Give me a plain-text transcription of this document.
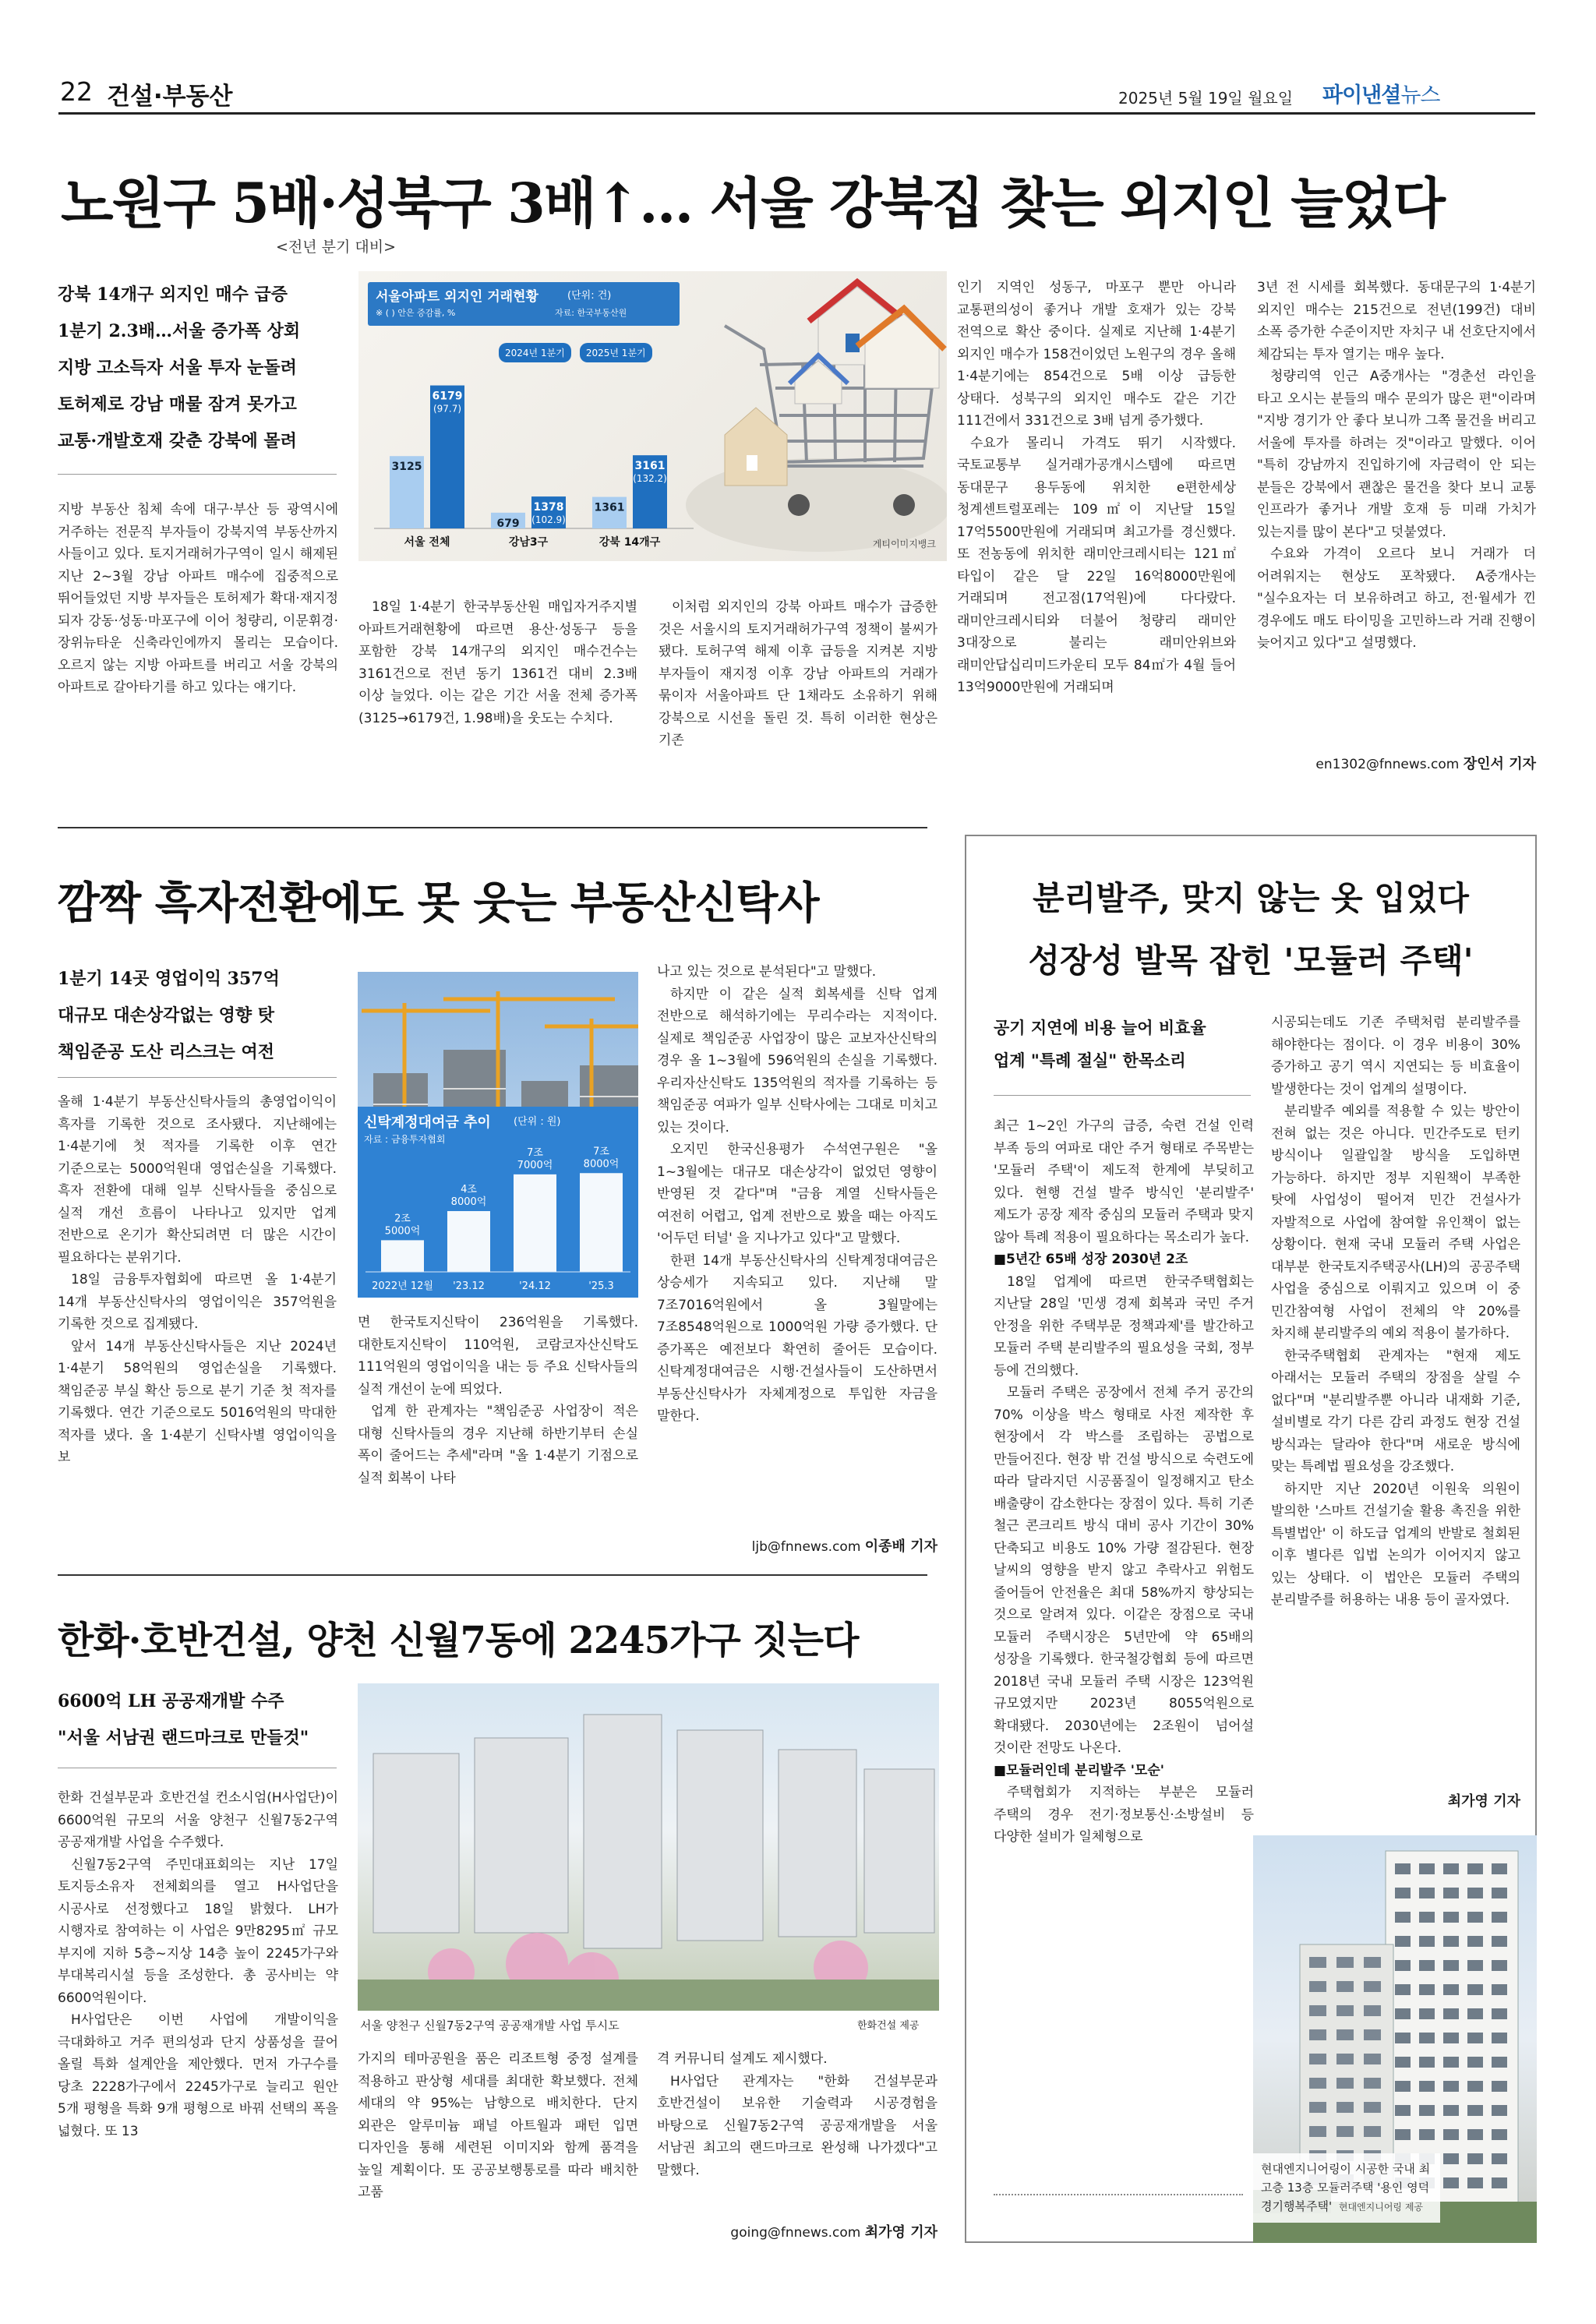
22 건설·부동산	2025년 5월 19일 월요일 파이낸셜뉴스
노원구 5배·성북구 3배↑… 서울 강북집 찾는 외지인 늘었다
<전년 분기 대비>
강북 14개구 외지인 매수 급증
1분기 2.3배…서울 증가폭 상회
지방 고소득자 서울 투자 눈돌려
토허제로 강남 매물 잠겨 못가고
교통·개발호재 갖춘 강북에 몰려

지방 부동산 침체 속에 대구·부산 등 광역시에 거주하는 전문직 부자들이 강북지역 부동산까지 사들이고 있다. 토지거래허가구역이 일시 해제된 지난 2~3월 강남 아파트 매수에 집중적으로 뛰어들었던 지방 부자들은 토허제가 확대·재지정 되자 강동·성동·마포구에 이어 청량리, 이문휘경·장위뉴타운 신축라인에까지 몰리는 모습이다. 오르지 않는 지방 아파트를 버리고 서울 강북의 아파트로 갈아타기를 하고 있다는 얘기다.

게티이미지뱅크
서울아파트 외지인 거래현황	(단위: 건)
※ ( ) 안은 증감률, %	자료: 한국부동산원
2024년 1분기 2025년 1분기
3125
6179
(97.7)
서울 전체
679
1378
(102.9)
강남3구
1361
3161
(132.2)
강북 14개구

18일 1·4분기 한국부동산원 매입자거주지별 아파트거래현황에 따르면 용산·성동구 등을 포함한 강북 14개구의 외지인 매수건수는 3161건으로 전년 동기 1361건 대비 2.3배 이상 늘었다. 이는 같은 기간 서울 전체 증가폭(3125→6179건, 1.98배)을 웃도는 수치다.

이처럼 외지인의 강북 아파트 매수가 급증한 것은 서울시의 토지거래허가구역 정책이 불씨가 됐다. 토허구역 해제 이후 급등을 지켜본 지방 부자들이 재지정 이후 강남 아파트의 거래가 묶이자 서울아파트 단 1채라도 소유하기 위해 강북으로 시선을 돌린 것. 특히 이러한 현상은 기존

인기 지역인 성동구, 마포구 뿐만 아니라 교통편의성이 좋거나 개발 호재가 있는 강북 전역으로 확산 중이다. 실제로 지난해 1·4분기 외지인 매수가 158건이었던 노원구의 경우 올해 1·4분기에는 854건으로 5배 이상 급등한 상태다. 성북구의 외지인 매수도 같은 기간 111건에서 331건으로 3배 넘게 증가했다.

수요가 몰리니 가격도 뛰기 시작했다. 국토교통부 실거래가공개시스템에 따르면 동대문구 용두동에 위치한 e편한세상 청계센트럴포레는 109㎡이 지난달 15일 17억5500만원에 거래되며 최고가를 경신했다. 또 전농동에 위치한 래미안크레시티는 121㎡타입이 같은 달 22일 16억8000만원에 거래되며 전고점(17억원)에 다다랐다. 래미안크레시티와 더불어 청량리 래미안 3대장으로 불리는 래미안위브와 래미안답십리미드카운티 모두 84㎡가 4월 들어 13억9000만원에 거래되며

3년 전 시세를 회복했다. 동대문구의 1·4분기 외지인 매수는 215건으로 전년(199건) 대비 소폭 증가한 수준이지만 자치구 내 선호단지에서 체감되는 투자 열기는 매우 높다.

청량리역 인근 A중개사는 "경춘선 라인을 타고 오시는 분들의 매수 문의가 많은 편"이라며 "지방 경기가 안 좋다 보니까 그쪽 물건을 버리고 서울에 투자를 하려는 것"이라고 말했다. 이어 "특히 강남까지 진입하기에 자금력이 안 되는 분들은 강북에서 괜찮은 물건을 찾다 보니 교통 인프라가 좋거나 개발 호재 등 미래 가치가 있는지를 많이 본다"고 덧붙였다.

수요와 가격이 오르다 보니 거래가 더 어려워지는 현상도 포착됐다. A중개사는 "실수요자는 더 보유하려고 하고, 전·월세가 낀 경우에도 매도 타이밍을 고민하느라 거래 진행이 늦어지고 있다"고 설명했다.

en1302@fnnews.com 장인서 기자
깜짝 흑자전환에도 못 웃는 부동산신탁사
1분기 14곳 영업이익 357억
대규모 대손상각없는 영향 탓
책임준공 도산 리스크는 여전

올해 1·4분기 부동산신탁사들의 총영업이익이 흑자를 기록한 것으로 조사됐다. 지난해에는 1·4분기에 첫 적자를 기록한 이후 연간 기준으로는 5000억원대 영업손실을 기록했다. 흑자 전환에 대해 일부 신탁사들을 중심으로 실적 개선 흐름이 나타나고 있지만 업계 전반으로 온기가 확산되려면 더 많은 시간이 필요하다는 분위기다.

18일 금융투자협회에 따르면 올 1·4분기 14개 부동산신탁사의 영업이익은 357억원을 기록한 것으로 집계됐다.

앞서 14개 부동산신탁사들은 지난 2024년 1·4분기 58억원의 영업손실을 기록했다. 책임준공 부실 확산 등으로 분기 기준 첫 적자를 기록했다. 연간 기준으로도 5016억원의 막대한 적자를 냈다. 올 1·4분기 신탁사별 영업이익을 보

신탁계정대여금 추이 (단위 : 원)
자료 : 금융투자협회
2조
5000억
2022년 12월
4조
8000억
'23.12
7조
7000억
'24.12
7조
8000억
'25.3

면 한국토지신탁이 236억원을 기록했다. 대한토지신탁이 110억원, 코람코자산신탁도 111억원의 영업이익을 내는 등 주요 신탁사들의 실적 개선이 눈에 띄었다.

업계 한 관계자는 "책임준공 사업장이 적은 대형 신탁사들의 경우 지난해 하반기부터 손실 폭이 줄어드는 추세"라며 "올 1·4분기 기점으로 실적 회복이 나타

나고 있는 것으로 분석된다"고 말했다.

하지만 이 같은 실적 회복세를 신탁 업계 전반으로 해석하기에는 무리수라는 지적이다. 실제로 책임준공 사업장이 많은 교보자산신탁의 경우 올 1~3월에 596억원의 손실을 기록했다. 우리자산신탁도 135억원의 적자를 기록하는 등 책임준공 여파가 일부 신탁사에는 그대로 미치고 있는 것이다.

오지민 한국신용평가 수석연구원은 "올 1~3월에는 대규모 대손상각이 없었던 영향이 반영된 것 같다"며 "금융 계열 신탁사들은 여전히 어렵고, 업계 전반으로 봤을 때는 아직도 '어두던 터널' 을 지나가고 있다"고 말했다.

한편 14개 부동산신탁사의 신탁계정대여금은 상승세가 지속되고 있다. 지난해 말 7조7016억원에서 올 3월말에는 7조8548억원으로 1000억원 가량 증가했다. 단 증가폭은 예전보다 확연히 줄어든 모습이다. 신탁계정대여금은 시행·건설사들이 도산하면서 부동산신탁사가 자체계정으로 투입한 자금을 말한다.

ljb@fnnews.com 이종배 기자
분리발주, 맞지 않는 옷 입었다
성장성 발목 잡힌 '모듈러 주택'
공기 지연에 비용 늘어 비효율
업계 "특례 절실" 한목소리

최근 1~2인 가구의 급증, 숙련 건설 인력 부족 등의 여파로 대안 주거 형태로 주목받는 '모듈러 주택'이 제도적 한계에 부딪히고 있다. 현행 건설 발주 방식인 '분리발주' 제도가 공장 제작 중심의 모듈러 주택과 맞지 않아 특례 적용이 필요하다는 목소리가 높다.

■5년간 65배 성장 2030년 2조

18일 업계에 따르면 한국주택협회는 지난달 28일 '민생 경제 회복과 국민 주거 안정을 위한 주택부문 정책과제'를 발간하고 모듈러 주택 분리발주의 필요성을 국회, 정부 등에 건의했다.

모듈러 주택은 공장에서 전체 주거 공간의 70% 이상을 박스 형태로 사전 제작한 후 현장에서 각 박스를 조립하는 공법으로 만들어진다. 현장 밖 건설 방식으로 숙련도에 따라 달라지던 시공품질이 일정해지고 탄소 배출량이 감소한다는 장점이 있다. 특히 기존 철근 콘크리트 방식 대비 공사 기간이 30% 단축되고 비용도 10% 가량 절감된다. 현장 날씨의 영향을 받지 않고 추락사고 위험도 줄어들어 안전율은 최대 58%까지 향상되는 것으로 알려져 있다. 이같은 장점으로 국내 모듈러 주택시장은 5년만에 약 65배의 성장을 기록했다. 한국철강협회 등에 따르면 2018년 국내 모듈러 주택 시장은 123억원 규모였지만 2023년 8055억원으로 확대됐다. 2030년에는 2조원이 넘어설 것이란 전망도 나온다.

■모듈러인데 분리발주 '모순'

주택협회가 지적하는 부분은 모듈러 주택의 경우 전기·정보통신·소방설비 등 다양한 설비가 일체형으로

시공되는데도 기존 주택처럼 분리발주를 해야한다는 점이다. 이 경우 비용이 30% 증가하고 공기 역시 지연되는 등 비효율이 발생한다는 것이 업계의 설명이다.

분리발주 예외를 적용할 수 있는 방안이 전혀 없는 것은 아니다. 민간주도로 턴키 방식이나 일괄입찰 방식을 도입하면 가능하다. 하지만 정부 지원책이 부족한 탓에 사업성이 떨어져 민간 건설사가 자발적으로 사업에 참여할 유인책이 없는 상황이다. 현재 국내 모듈러 주택 사업은 대부분 한국토지주택공사(LH)의 공공주택 사업을 중심으로 이뤄지고 있으며 이 중 민간참여형 사업이 전체의 약 20%를 차지해 분리발주의 예외 적용이 불가하다.

한국주택협회 관계자는 "현재 제도 아래서는 모듈러 주택의 장점을 살릴 수 없다"며 "분리발주뿐 아니라 내재화 기준, 설비별로 각기 다른 감리 과정도 현장 건설 방식과는 달라야 한다"며 새로운 방식에 맞는 특례법 필요성을 강조했다.

하지만 지난 2020년 이원욱 의원이 발의한 '스마트 건설기술 활용 촉진을 위한 특별법안' 이 하도급 업계의 반발로 철회된 이후 별다른 입법 논의가 이어지지 않고 있는 상태다. 이 법안은 모듈러 주택의 분리발주를 허용하는 내용 등이 골자였다.

최가영 기자
현대엔지니어링이 시공한 국내 최고층 13층 모듈러주택 '용인 영덕 경기행복주택' 현대엔지니어링 제공
한화·호반건설, 양천 신월7동에 2245가구 짓는다
6600억 LH 공공재개발 수주
"서울 서남권 랜드마크로 만들것"

한화 건설부문과 호반건설 컨소시엄(H사업단)이 6600억원 규모의 서울 양천구 신월7동2구역 공공재개발 사업을 수주했다.

신월7동2구역 주민대표회의는 지난 17일 토지등소유자 전체회의를 열고 H사업단을 시공사로 선정했다고 18일 밝혔다. LH가 시행자로 참여하는 이 사업은 9만8295㎡ 규모 부지에 지하 5층~지상 14층 높이 2245가구와 부대복리시설 등을 조성한다. 총 공사비는 약 6600억원이다.

H사업단은 이번 사업에 개발이익을 극대화하고 거주 편의성과 단지 상품성을 끌어 올릴 특화 설계안을 제안했다. 먼저 가구수를 당초 2228가구에서 2245가구로 늘리고 원안 5개 평형을 특화 9개 평형으로 바꿔 선택의 폭을 넓혔다. 또 13

서울 양천구 신월7동2구역 공공재개발 사업 투시도	한화건설 제공

가지의 테마공원을 품은 리조트형 중정 설계를 적용하고 판상형 세대를 최대한 확보했다. 전체 세대의 약 95%는 남향으로 배치한다. 단지 외관은 알루미늄 패널 아트월과 패턴 입면 디자인을 통해 세련된 이미지와 함께 품격을 높일 계획이다. 또 공공보행통로를 따라 배치한 고품

격 커뮤니티 설계도 제시했다.

H사업단 관계자는 "한화 건설부문과 호반건설이 보유한 기술력과 시공경험을 바탕으로 신월7동2구역 공공재개발을 서울 서남권 최고의 랜드마크로 완성해 나가겠다"고 말했다.

going@fnnews.com 최가영 기자
